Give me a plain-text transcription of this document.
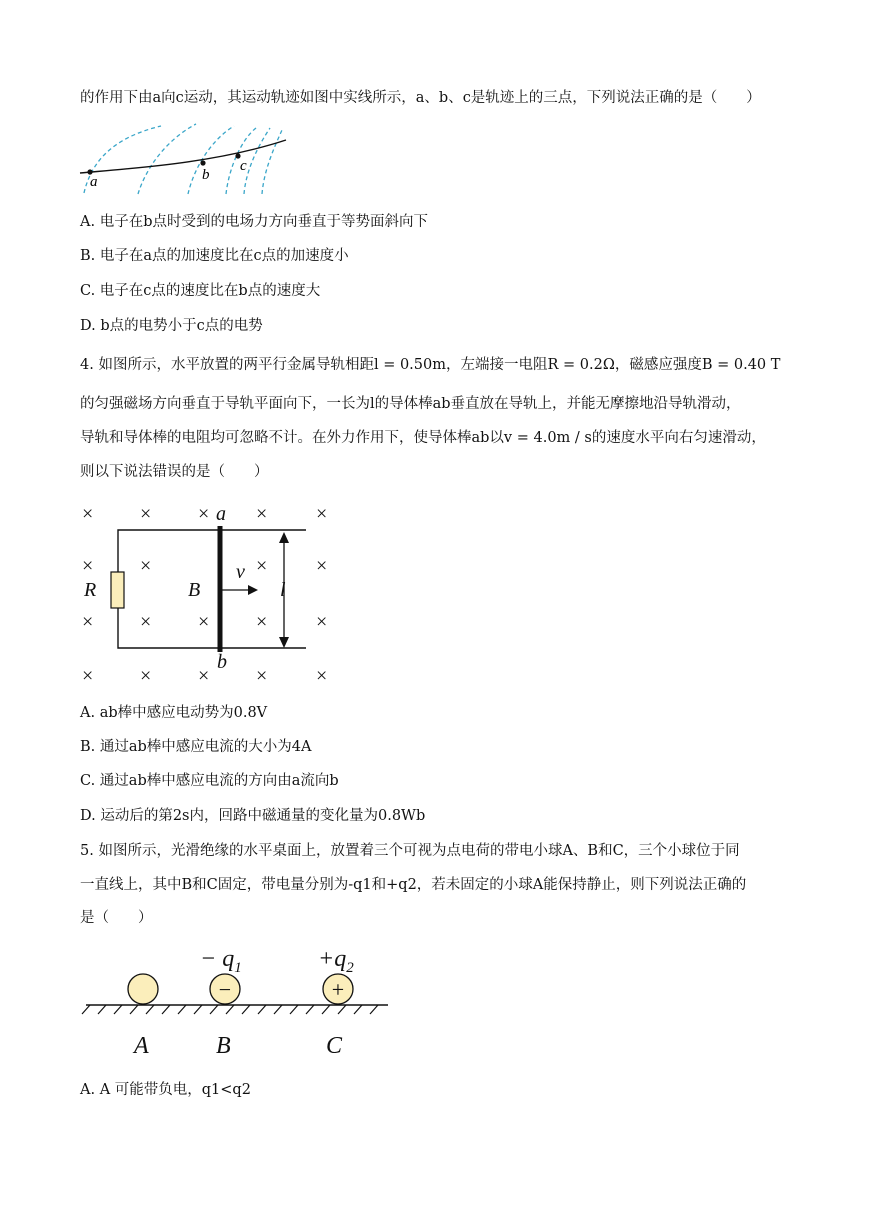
的作用下由a向c运动，其运动轨迹如图中实线所示，a、b、c是轨迹上的三点，下列说法正确的是（　　）
a	b
c
A. 电子在b点时受到的电场力方向垂直于等势面斜向下
B. 电子在a点的加速度比在c点的加速度小
C. 电子在c点的速度比在b点的速度大
D. b点的电势小于c点的电势
4. 如图所示，水平放置的两平行金属导轨相距l = 0.50m，左端接一电阻R = 0.2Ω，磁感应强度B = 0.40 T
的匀强磁场方向垂直于导轨平面向下，一长为l的导体棒ab垂直放在导轨上，并能无摩擦地沿导轨滑动，
导轨和导体棒的电阻均可忽略不计。在外力作用下，使导体棒ab以v = 4.0m / s的速度水平向右匀速滑动，
则以下说法错误的是（　　）
× × × × ×
× ×	× ×
× × × × ×
× × × × ×
a
b
R	B
v
l
A. ab棒中感应电动势为0.8V
B. 通过ab棒中感应电流的大小为4A
C. 通过ab棒中感应电流的方向由a流向b
D. 运动后的第2s内，回路中磁通量的变化量为0.8Wb
5. 如图所示，光滑绝缘的水平桌面上，放置着三个可视为点电荷的带电小球A、B和C，三个小球位于同
一直线上，其中B和C固定，带电量分别为-q1和+q2，若未固定的小球A能保持静止，则下列说法正确的
是（　　）
− $q_1$	$+q_2$
−	+
A	B	C
A. A 可能带负电，q1<q2
